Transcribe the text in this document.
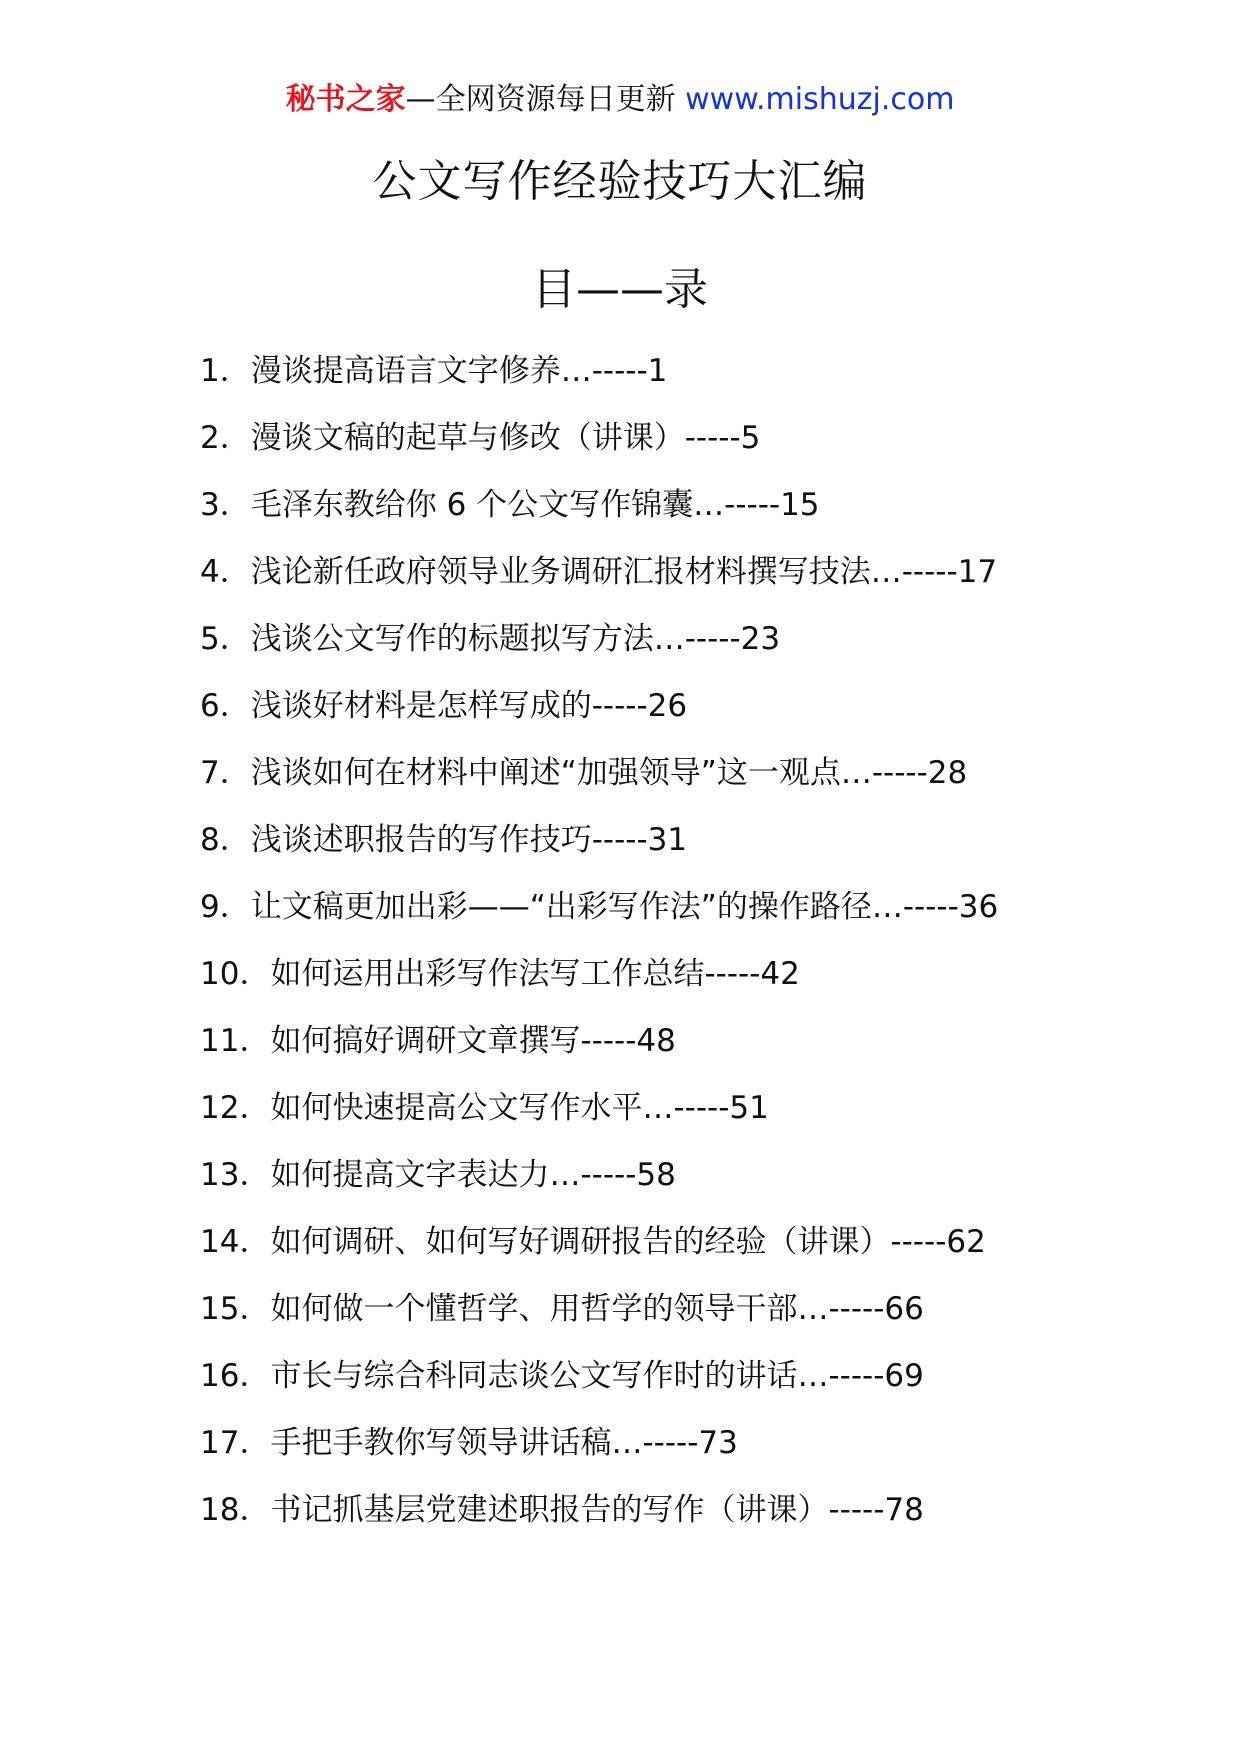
秘书之家—全网资源每日更新 www.mishuzj.com
公文写作经验技巧大汇编
目——录
1．漫谈提高语言文字修养…-----1
2．漫谈文稿的起草与修改（讲课）-----5
3．毛泽东教给你 6 个公文写作锦囊…-----15
4．浅论新任政府领导业务调研汇报材料撰写技法…-----17
5．浅谈公文写作的标题拟写方法…-----23
6．浅谈好材料是怎样写成的-----26
7．浅谈如何在材料中阐述“加强领导”这一观点…-----28
8．浅谈述职报告的写作技巧-----31
9．让文稿更加出彩——“出彩写作法”的操作路径…-----36
10．如何运用出彩写作法写工作总结-----42
11．如何搞好调研文章撰写-----48
12．如何快速提高公文写作水平…-----51
13．如何提高文字表达力…-----58
14．如何调研、如何写好调研报告的经验（讲课）-----62
15．如何做一个懂哲学、用哲学的领导干部…-----66
16．市长与综合科同志谈公文写作时的讲话…-----69
17．手把手教你写领导讲话稿…-----73
18．书记抓基层党建述职报告的写作（讲课）-----78
